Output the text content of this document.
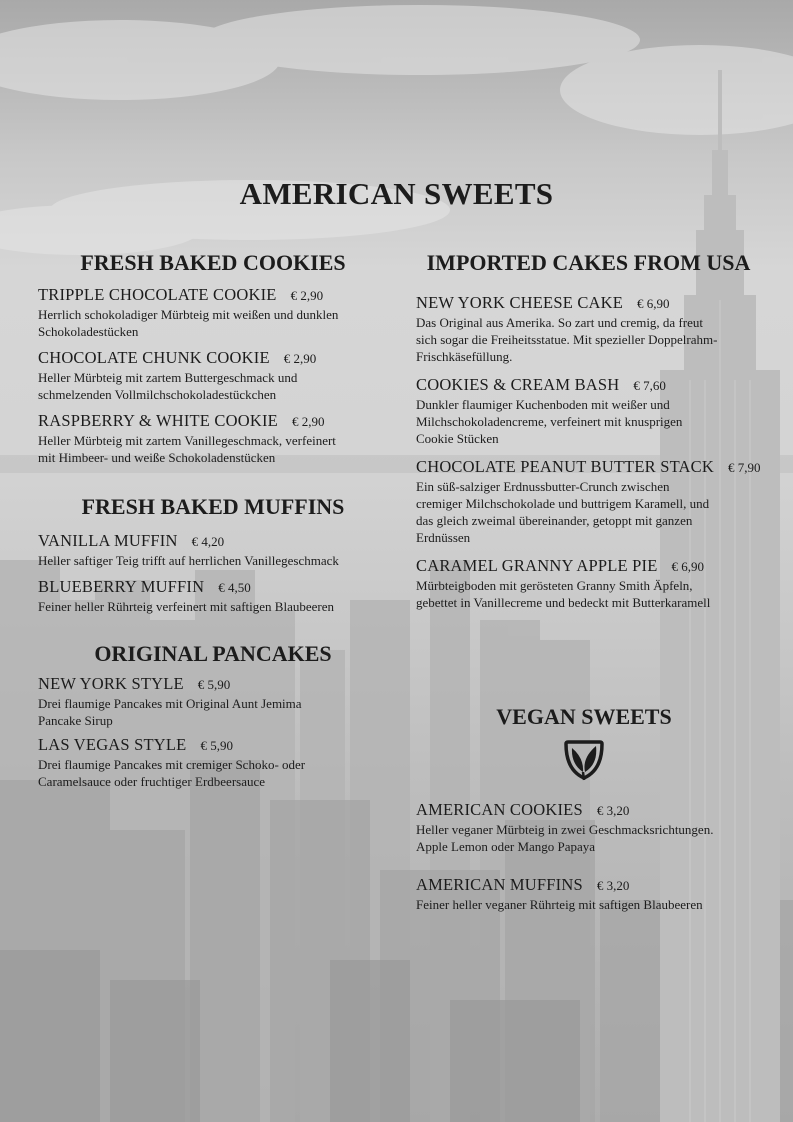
AMERICAN SWEETS
FRESH BAKED COOKIES
TRIPPLE CHOCOLATE COOKIE € 2,90
Herrlich schokoladiger Mürbteig mit weißen und dunklen
Schokoladestücken
CHOCOLATE CHUNK COOKIE € 2,90
Heller Mürbteig mit zartem Buttergeschmack und
schmelzenden Vollmilchschokoladestückchen
RASPBERRY & WHITE COOKIE € 2,90
Heller Mürbteig mit zartem Vanillegeschmack, verfeinert
mit Himbeer- und weiße Schokoladenstücken
FRESH BAKED MUFFINS
VANILLA MUFFIN € 4,20
Heller saftiger Teig trifft auf herrlichen Vanillegeschmack
BLUEBERRY MUFFIN € 4,50
Feiner heller Rührteig verfeinert mit saftigen Blaubeeren
ORIGINAL PANCAKES
NEW YORK STYLE € 5,90
Drei flaumige Pancakes mit Original Aunt Jemima
Pancake Sirup
LAS VEGAS STYLE € 5,90
Drei flaumige Pancakes mit cremiger Schoko- oder
Caramelsauce oder fruchtiger Erdbeersauce
IMPORTED CAKES FROM USA
NEW YORK CHEESE CAKE € 6,90
Das Original aus Amerika. So zart und cremig, da freut
sich sogar die Freiheitsstatue. Mit spezieller Doppelrahm-
Frischkäsefüllung.
COOKIES & CREAM BASH € 7,60
Dunkler flaumiger Kuchenboden mit weißer und
Milchschokoladencreme, verfeinert mit knusprigen
Cookie Stücken
CHOCOLATE PEANUT BUTTER STACK € 7,90
Ein süß-salziger Erdnussbutter-Crunch zwischen
cremiger Milchschokolade und buttrigem Karamell, und
das gleich zweimal übereinander, getoppt mit ganzen
Erdnüssen
CARAMEL GRANNY APPLE PIE € 6,90
Mürbteigboden mit gerösteten Granny Smith Äpfeln,
gebettet in Vanillecreme und bedeckt mit Butterkaramell
VEGAN SWEETS
AMERICAN COOKIES € 3,20
Heller veganer Mürbteig in zwei Geschmacksrichtungen.
Apple Lemon oder Mango Papaya
AMERICAN MUFFINS € 3,20
Feiner heller veganer Rührteig mit saftigen Blaubeeren
